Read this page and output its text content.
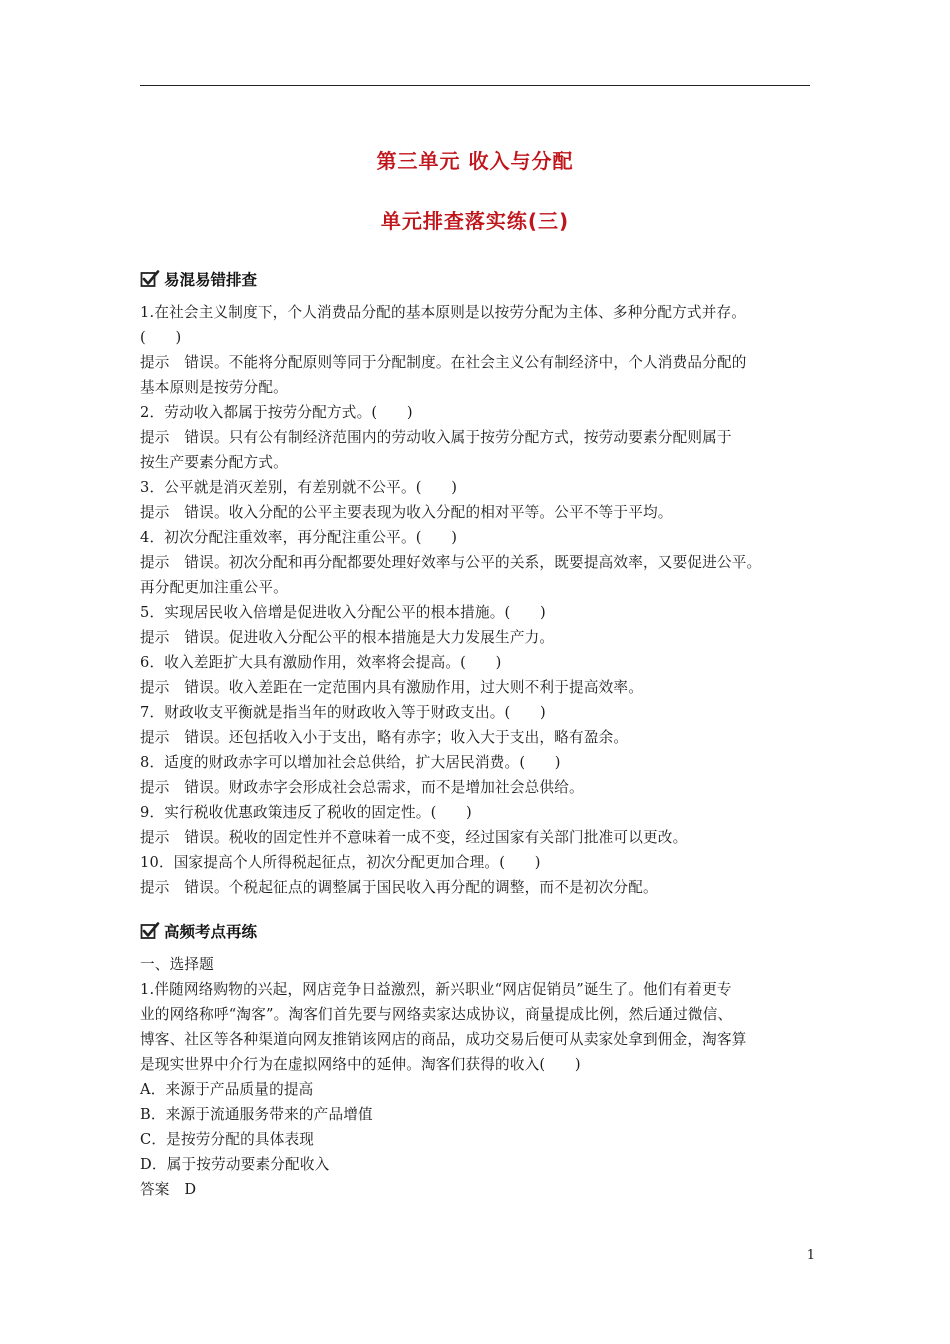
第三单元 收入与分配
单元排查落实练(三)
易混易错排查
1.在社会主义制度下，个人消费品分配的基本原则是以按劳分配为主体、多种分配方式并存。
(　　)
提示　错误。不能将分配原则等同于分配制度。在社会主义公有制经济中，个人消费品分配的
基本原则是按劳分配。
2．劳动收入都属于按劳分配方式。(　　)
提示　错误。只有公有制经济范围内的劳动收入属于按劳分配方式，按劳动要素分配则属于
按生产要素分配方式。
3．公平就是消灭差别，有差别就不公平。(　　)
提示　错误。收入分配的公平主要表现为收入分配的相对平等。公平不等于平均。
4．初次分配注重效率，再分配注重公平。(　　)
提示　错误。初次分配和再分配都要处理好效率与公平的关系，既要提高效率，又要促进公平。
再分配更加注重公平。
5．实现居民收入倍增是促进收入分配公平的根本措施。(　　)
提示　错误。促进收入分配公平的根本措施是大力发展生产力。
6．收入差距扩大具有激励作用，效率将会提高。(　　)
提示　错误。收入差距在一定范围内具有激励作用，过大则不利于提高效率。
7．财政收支平衡就是指当年的财政收入等于财政支出。(　　)
提示　错误。还包括收入小于支出，略有赤字；收入大于支出，略有盈余。
8．适度的财政赤字可以增加社会总供给，扩大居民消费。(　　)
提示　错误。财政赤字会形成社会总需求，而不是增加社会总供给。
9．实行税收优惠政策违反了税收的固定性。(　　)
提示　错误。税收的固定性并不意味着一成不变，经过国家有关部门批准可以更改。
10．国家提高个人所得税起征点，初次分配更加合理。(　　)
提示　错误。个税起征点的调整属于国民收入再分配的调整，而不是初次分配。
高频考点再练
一、选择题
1.伴随网络购物的兴起，网店竞争日益激烈，新兴职业“网店促销员”诞生了。他们有着更专
业的网络称呼“淘客”。淘客们首先要与网络卖家达成协议，商量提成比例，然后通过微信、
博客、社区等各种渠道向网友推销该网店的商品，成功交易后便可从卖家处拿到佣金，淘客算
是现实世界中介行为在虚拟网络中的延伸。淘客们获得的收入(　　)
A．来源于产品质量的提高
B．来源于流通服务带来的产品增值
C．是按劳分配的具体表现
D．属于按劳动要素分配收入
答案　D
1
